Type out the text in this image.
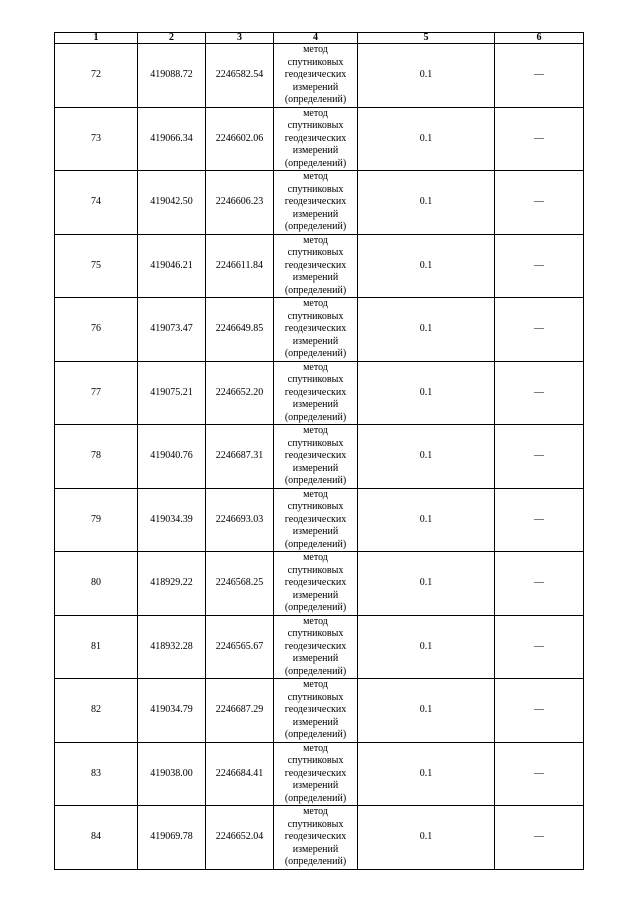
1	2	3	4	5	6
72	419088.72	2246582.54	метод
спутниковых
геодезических
измерений
(определений)	0.1	—
73	419066.34	2246602.06	метод
спутниковых
геодезических
измерений
(определений)	0.1	—
74	419042.50	2246606.23	метод
спутниковых
геодезических
измерений
(определений)	0.1	—
75	419046.21	2246611.84	метод
спутниковых
геодезических
измерений
(определений)	0.1	—
76	419073.47	2246649.85	метод
спутниковых
геодезических
измерений
(определений)	0.1	—
77	419075.21	2246652.20	метод
спутниковых
геодезических
измерений
(определений)	0.1	—
78	419040.76	2246687.31	метод
спутниковых
геодезических
измерений
(определений)	0.1	—
79	419034.39	2246693.03	метод
спутниковых
геодезических
измерений
(определений)	0.1	—
80	418929.22	2246568.25	метод
спутниковых
геодезических
измерений
(определений)	0.1	—
81	418932.28	2246565.67	метод
спутниковых
геодезических
измерений
(определений)	0.1	—
82	419034.79	2246687.29	метод
спутниковых
геодезических
измерений
(определений)	0.1	—
83	419038.00	2246684.41	метод
спутниковых
геодезических
измерений
(определений)	0.1	—
84	419069.78	2246652.04	метод
спутниковых
геодезических
измерений
(определений)	0.1	—
